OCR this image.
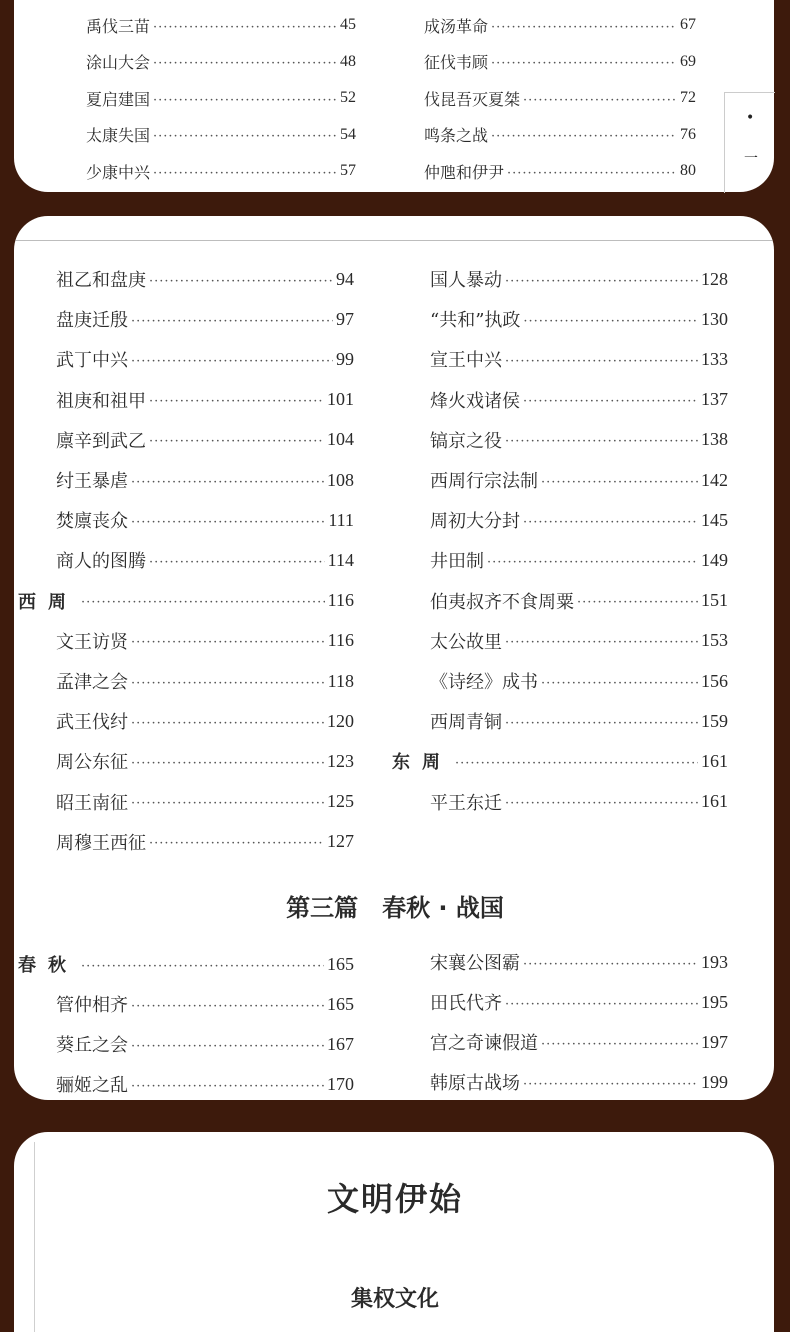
禹伐三苗 ·····	45
涂山大会 ·····	48
夏启建国 ·····	52
太康失国 ·····	54
少康中兴 ·····	57
成汤革命 ·····	67
征伐韦顾 ·····	69
伐昆吾灭夏桀 ·····	72
鸣条之战 ·····	76
仲虺和伊尹 ·····	80
•
一
祖乙和盘庚 ·····	94
盘庚迁殷 ·····	97
武丁中兴 ·····	99
祖庚和祖甲 ·····	101
廪辛到武乙 ·····	104
纣王暴虐 ·····	108
焚廪丧众 ·····	111
商人的图腾 ·····	114
西周 ·····	116
文王访贤 ·····	116
孟津之会 ·····	118
武王伐纣 ·····	120
周公东征 ·····	123
昭王南征 ·····	125
周穆王西征 ·····	127
国人暴动 ·····	128
“共和”执政 ·····	130
宣王中兴 ·····	133
烽火戏诸侯 ·····	137
镐京之役 ·····	138
西周行宗法制 ·····	142
周初大分封 ·····	145
井田制 ·····	149
伯夷叔齐不食周粟 ·····	151
太公故里 ·····	153
《诗经》成书 ·····	156
西周青铜 ·····	159
东周 ·····	161
平王东迁 ·····	161
第三篇　春秋 · 战国
春秋 ·····	165
管仲相齐 ·····	165
葵丘之会 ·····	167
骊姬之乱 ·····	170
宋襄公图霸 ·····	193
田氏代齐 ·····	195
宫之奇谏假道 ·····	197
韩原古战场 ·····	199
文明伊始
集权文化
